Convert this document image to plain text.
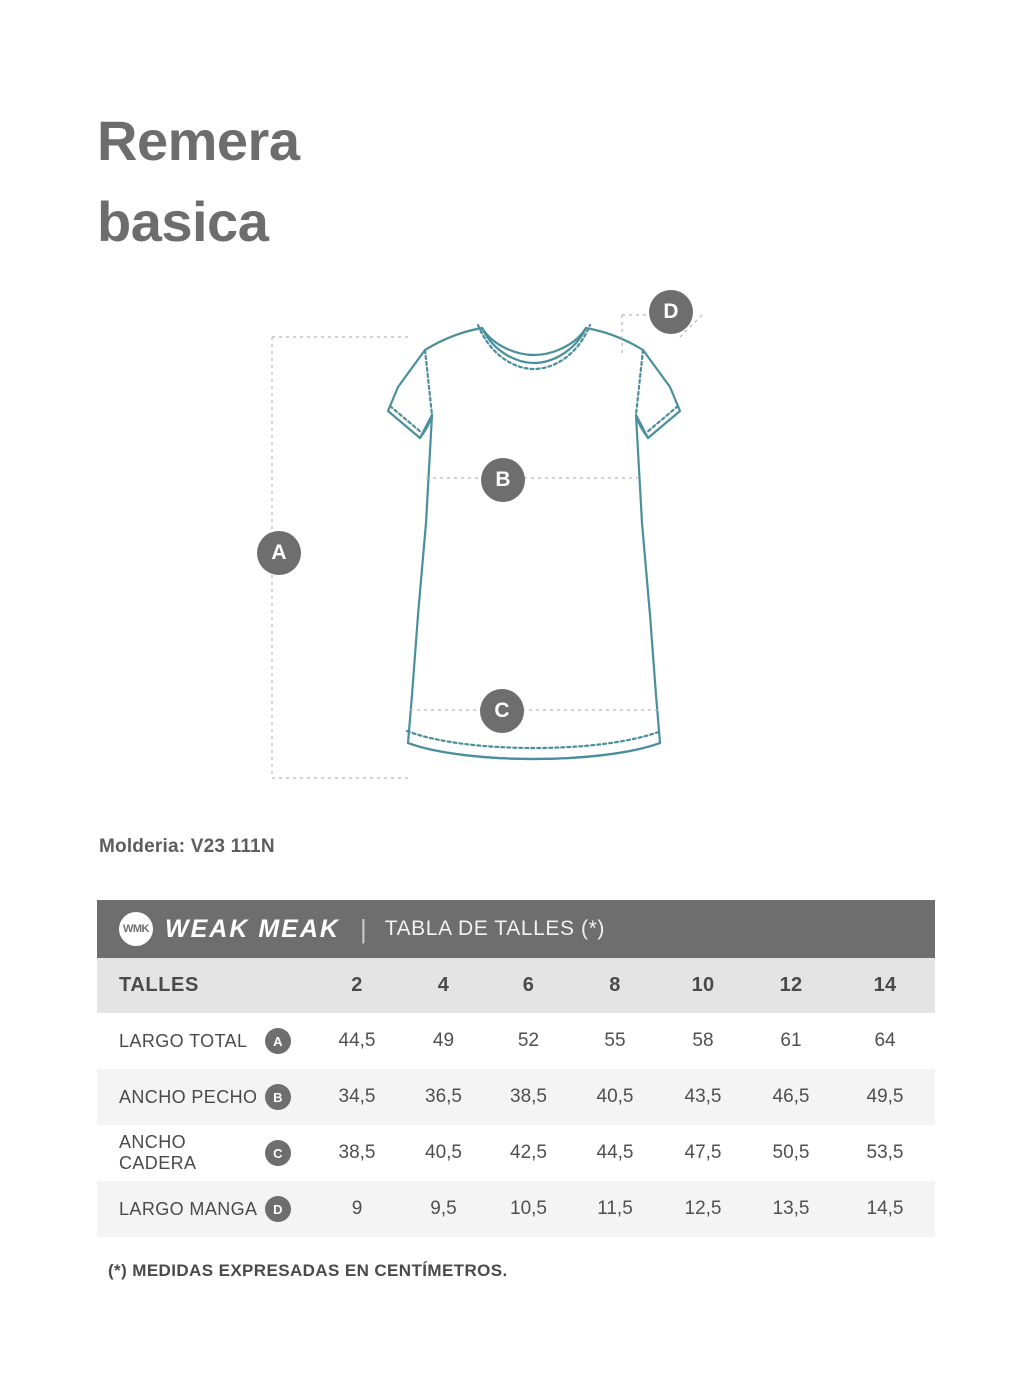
Remera
basica
A
B
C
D
Molderia: V23 111N
WMK WEAK MEAK | TABLA DE TALLES (*)							

TALLES	2	4	6	8	10	12	14

LARGO TOTAL A	44,5	49	52	55	58	61	64

ANCHO PECHO B	34,5	36,5	38,5	40,5	43,5	46,5	49,5

ANCHO CADERA C	38,5	40,5	42,5	44,5	47,5	50,5	53,5

LARGO MANGA D	9	9,5	10,5	11,5	12,5	13,5	14,5
(*) MEDIDAS EXPRESADAS EN CENTÍMETROS.
